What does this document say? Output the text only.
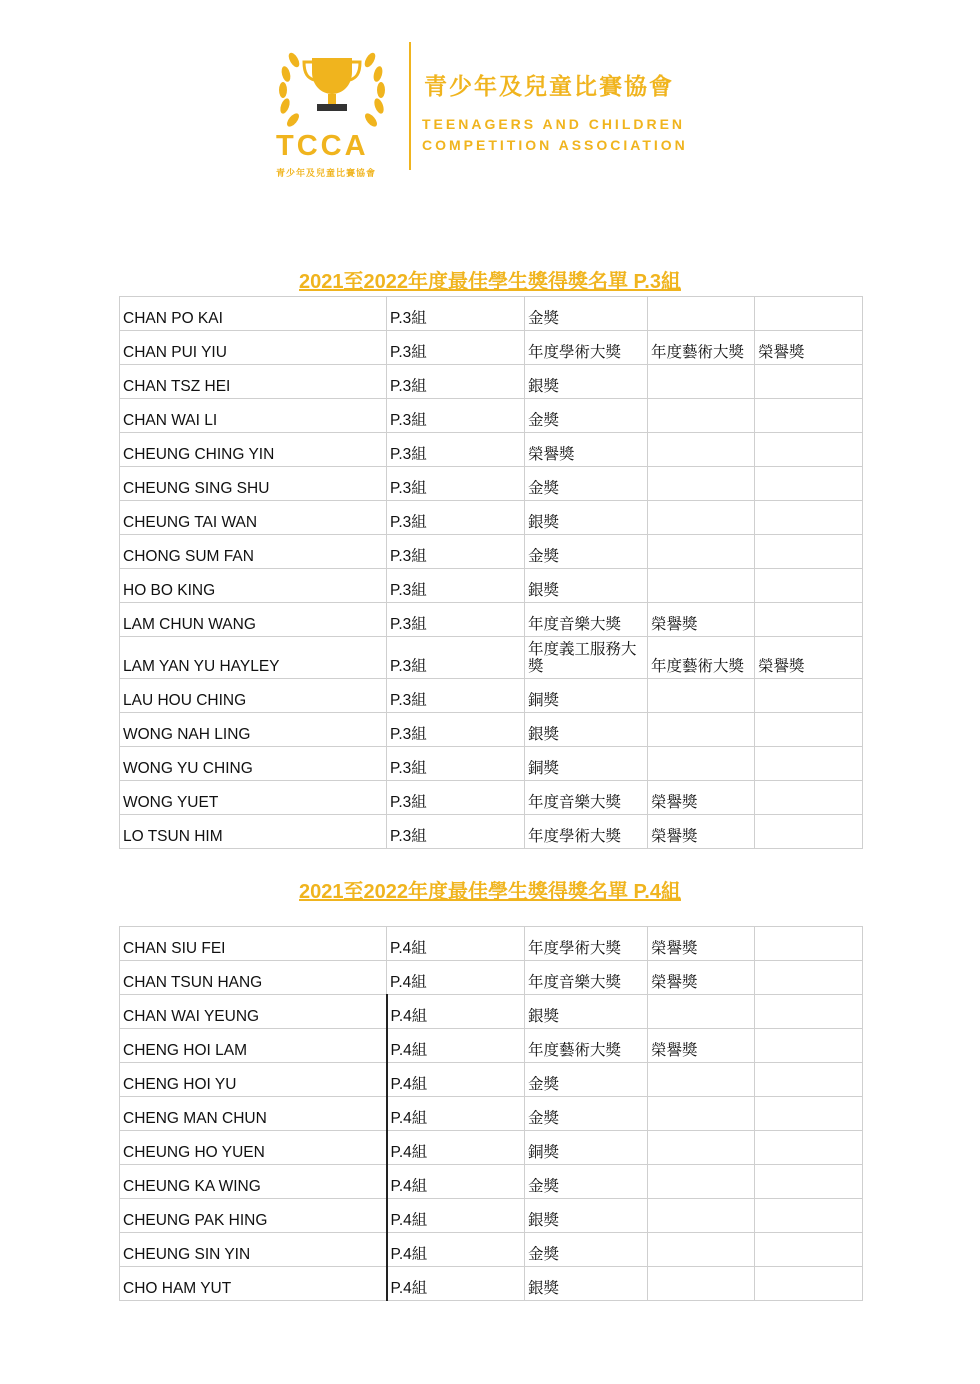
TCCA
青少年及兒童比賽協會
青少年及兒童比賽協會
TEENAGERS AND CHILDREN
COMPETITION ASSOCIATION
2021至2022年度最佳學生獎得獎名單 P.3組
CHAN PO KAI	P.3組	金獎		
CHAN PUI YIU	P.3組	年度學術大獎	年度藝術大獎	榮譽獎
CHAN TSZ HEI	P.3組	銀獎		
CHAN WAI LI	P.3組	金獎		
CHEUNG CHING YIN	P.3組	榮譽獎		
CHEUNG SING SHU	P.3組	金獎		
CHEUNG TAI WAN	P.3組	銀獎		
CHONG SUM FAN	P.3組	金獎		
HO BO KING	P.3組	銀獎		
LAM CHUN WANG	P.3組	年度音樂大獎	榮譽獎	
LAM YAN YU HAYLEY	P.3組	年度義工服務大獎	年度藝術大獎	榮譽獎
LAU HOU CHING	P.3組	銅獎		
WONG NAH LING	P.3組	銀獎		
WONG YU CHING	P.3組	銅獎		
WONG YUET	P.3組	年度音樂大獎	榮譽獎	
LO TSUN HIM	P.3組	年度學術大獎	榮譽獎	
2021至2022年度最佳學生獎得獎名單 P.4組
CHAN SIU FEI	P.4組	年度學術大獎	榮譽獎	
CHAN TSUN HANG	P.4組	年度音樂大獎	榮譽獎	
CHAN WAI YEUNG	P.4組	銀獎		
CHENG HOI LAM	P.4組	年度藝術大獎	榮譽獎	
CHENG HOI YU	P.4組	金獎		
CHENG MAN CHUN	P.4組	金獎		
CHEUNG HO YUEN	P.4組	銅獎		
CHEUNG KA WING	P.4組	金獎		
CHEUNG PAK HING	P.4組	銀獎		
CHEUNG SIN YIN	P.4組	金獎		
CHO HAM YUT	P.4組	銀獎		
